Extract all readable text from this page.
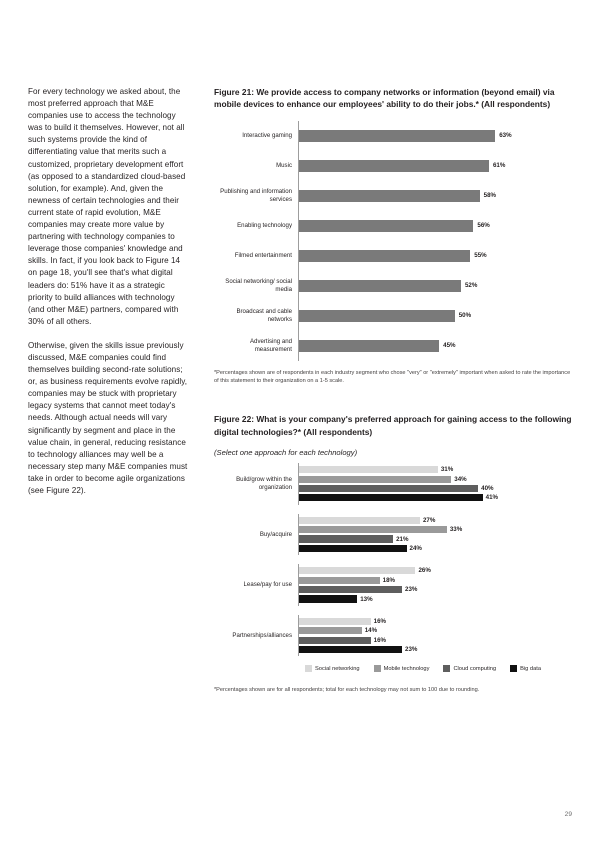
For every technology we asked about, the most preferred approach that M&E companies use to access the technology was to build it themselves. However, not all such systems provide the kind of differentiating value that merits such a customized, proprietary development effort (as opposed to a standardized cloud-based solution, for example). And, given the newness of certain technologies and their current state of rapid evolution, M&E companies may create more value by partnering with technology companies to leverage those companies' knowledge and skills. In fact, if you look back to Figure 14 on page 18, you'll see that's what digital leaders do: 51% have it as a strategic priority to build alliances with technology (and other M&E) partners, compared with 30% of all others.

Otherwise, given the skills issue previously discussed, M&E companies could find themselves building second-rate solutions; or, as business requirements evolve rapidly, companies may be stuck with proprietary legacy systems that cannot meet today's needs. Although actual needs will vary significantly by segment and place in the value chain, in general, reducing resistance to technology alliances may well be a necessary step many M&E companies must take in order to become agile organizations (see Figure 22).

Figure 21: We provide access to company networks or information (beyond email) via mobile devices to enhance our employees' ability to do their jobs.* (All respondents)
Interactive gaming	63%
Music	61%
Publishing and information services	58%
Enabling technology	56%
Filmed entertainment	55%
Social networking/ social media	52%
Broadcast and cable networks	50%
Advertising and measurement	45%
*Percentages shown are of respondents in each industry segment who chose "very" or "extremely" important when asked to rate the importance of this statement to their organization on a 1-5 scale.
Figure 22: What is your company's preferred approach for gaining access to the following digital technologies?* (All respondents)
(Select one approach for each technology)
Build/grow within the organization
31%
34%
40%
41%
Buy/acquire
27%
33%
21%
24%
Lease/pay for use
26%
18%
23%
13%
Partnerships/alliances
16%
14%
16%
23%
Social networking	Mobile technology	Cloud computing	Big data
*Percentages shown are for all respondents; total for each technology may not sum to 100 due to rounding.
29
